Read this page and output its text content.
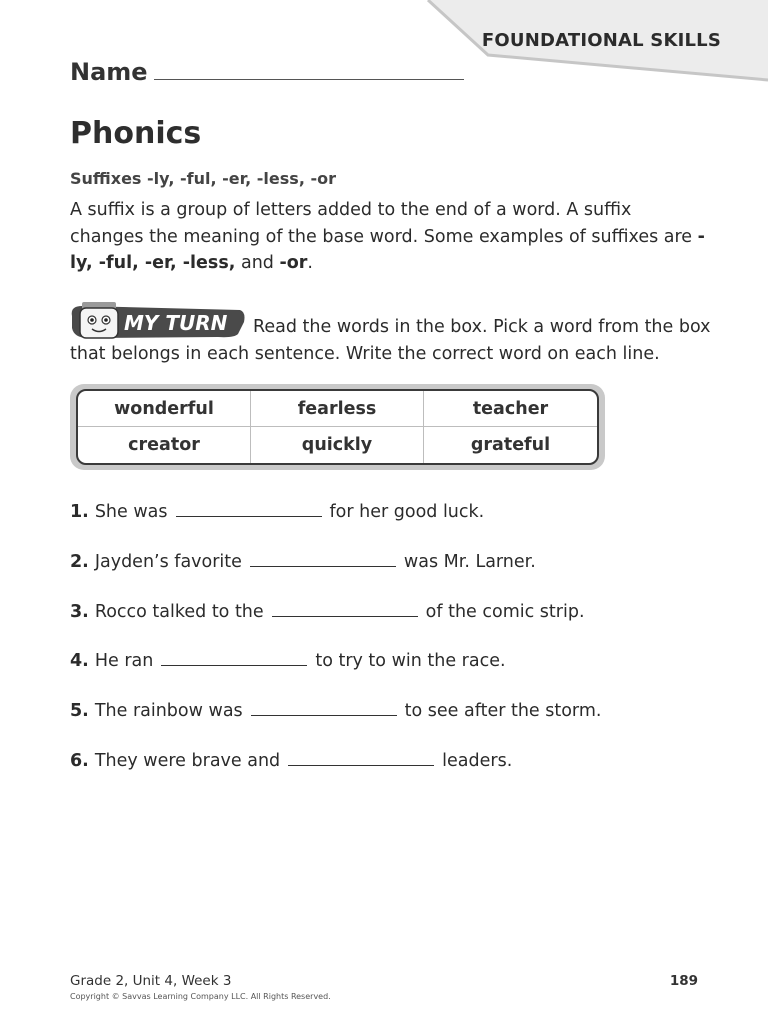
FOUNDATIONAL SKILLS
Name
Phonics
Suffixes -ly, -ful, -er, -less, -or
A suffix is a group of letters added to the end of a word. A suffix changes the meaning of the base word. Some examples of suffixes are -ly, -ful, -er, -less, and -or.
MY TURN	Read the words in the box. Pick a word from the box that belongs in each sentence. Write the correct word on each line.
wonderful	fearless	teacher
creator	quickly	grateful
1. She was	for her good luck.
2. Jayden’s favorite	was Mr. Larner.
3. Rocco talked to the	of the comic strip.
4. He ran	to try to win the race.
5. The rainbow was	to see after the storm.
6. They were brave and	leaders.
Grade 2, Unit 4, Week 3
Copyright © Savvas Learning Company LLC. All Rights Reserved.
189
